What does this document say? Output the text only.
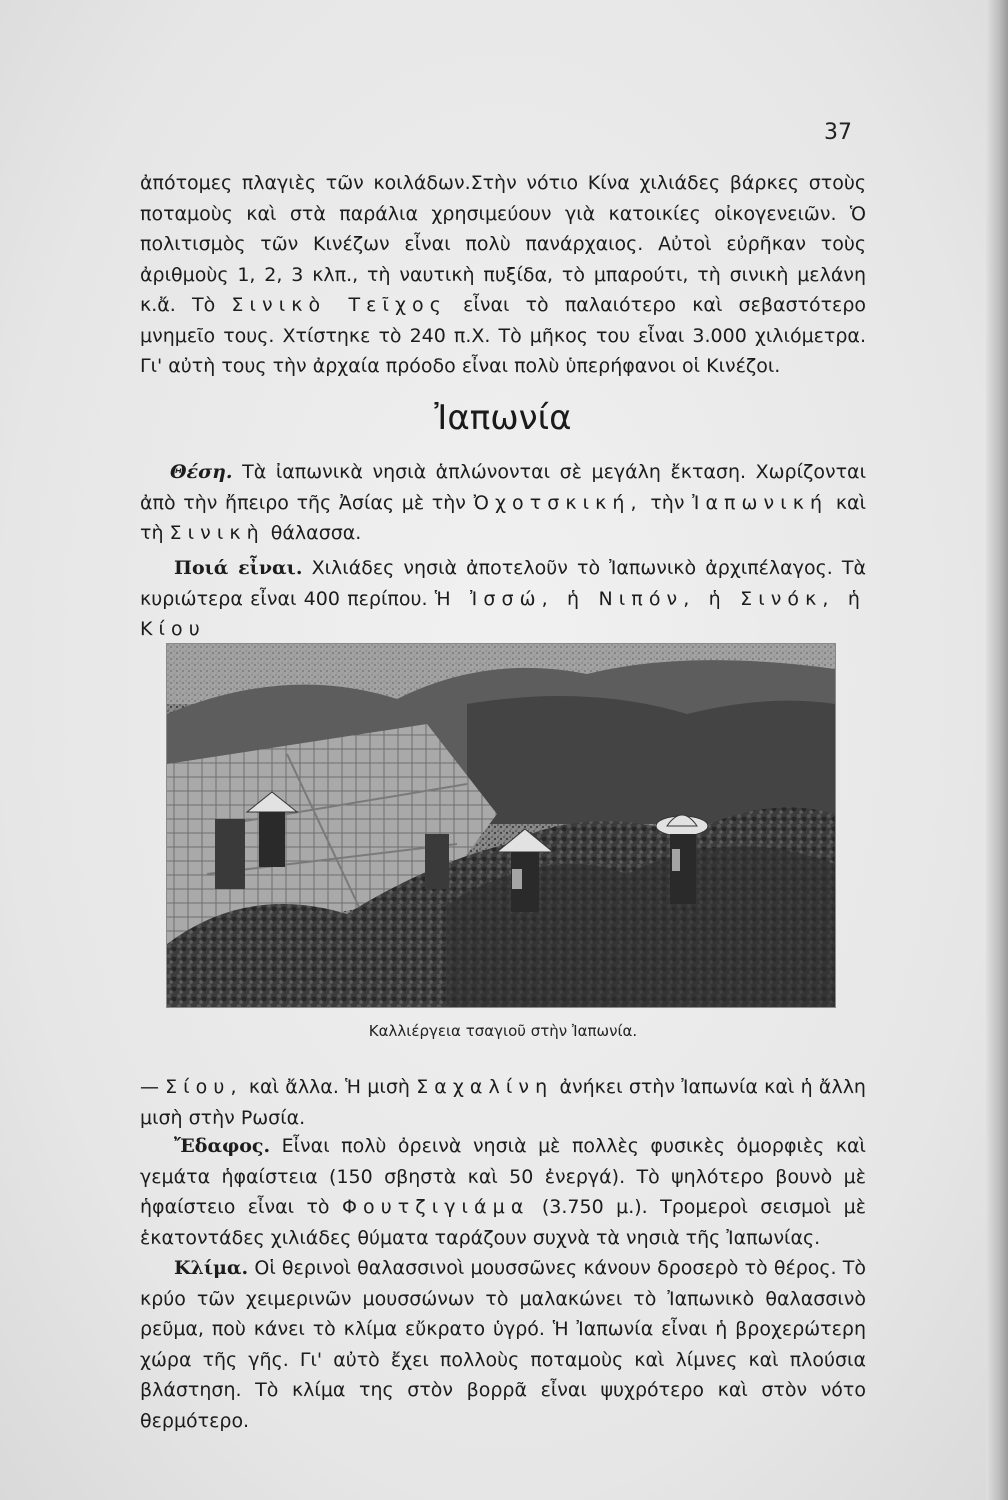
37

ἀπότομες πλαγιὲς τῶν κοιλάδων.Στὴν νότιο Κίνα χιλιάδες βάρκες στοὺς ποταμοὺς καὶ στὰ παράλια χρησιμεύουν γιὰ κατοικίες οἰκογενειῶν. Ὁ πολιτισμὸς τῶν Κινέζων εἶναι πολὺ πανάρχαιος. Αὐτοὶ εὐρῆκαν τοὺς ἀριθμοὺς 1, 2, 3 κλπ., τὴ ναυτικὴ πυξίδα, τὸ μπαρούτι, τὴ σινικὴ μελάνη κ.ἄ. Τὸ Σινικὸ Τεῖχος εἶναι τὸ παλαιότερο καὶ σεβαστότερο μνημεῖο τους. Χτίστηκε τὸ 240 π.Χ. Τὸ μῆκος του εἶναι 3.000 χιλιόμετρα. Γι' αὐτὴ τους τὴν ἀρχαία πρόοδο εἶναι πολὺ ὑπερήφανοι οἱ Κινέζοι.

Ἰαπωνία

Θέση. Τὰ ἰαπωνικὰ νησιὰ ἁπλώνονται σὲ μεγάλη ἔκταση. Χωρίζονται ἀπὸ τὴν ἤπειρο τῆς Ἀσίας μὲ τὴν Ὀχοτσκική, τὴν Ἰαπωνική καὶ τὴ Σινικὴ θάλασσα.

Ποιά εἶναι. Χιλιάδες νησιὰ ἀποτελοῦν τὸ Ἰαπωνικὸ ἀρχιπέλαγος. Τὰ κυριώτερα εἶναι 400 περίπου. Ἡ Ἰσσώ, ἡ Νιπόν, ἡ Σινόκ, ἡ Κίου

Καλλιέργεια τσαγιοῦ στὴν Ἰαπωνία.

—Σίου, καὶ ἄλλα. Ἡ μισὴ Σαχαλίνη ἀνήκει στὴν Ἰαπωνία καὶ ἡ ἄλλη μισὴ στὴν Ρωσία.

Ἔδαφος. Εἶναι πολὺ ὀρεινὰ νησιὰ μὲ πολλὲς φυσικὲς ὀμορφιὲς καὶ γεμάτα ἡφαίστεια (150 σβηστὰ καὶ 50 ἐνεργά). Τὸ ψηλότερο βουνὸ μὲ ἡφαίστειο εἶναι τὸ Φουτζιγιάμα (3.750 μ.). Τρομεροὶ σεισμοὶ μὲ ἑκατοντάδες χιλιάδες θύματα ταράζουν συχνὰ τὰ νησιὰ τῆς Ἰαπωνίας.

Κλίμα. Οἱ θερινοὶ θαλασσινοὶ μουσσῶνες κάνουν δροσερὸ τὸ θέρος. Τὸ κρύο τῶν χειμερινῶν μουσσώνων τὸ μαλακώνει τὸ Ἰαπωνικὸ θαλασσινὸ ρεῦμα, ποὺ κάνει τὸ κλίμα εὔκρατο ὑγρό. Ἡ Ἰαπωνία εἶναι ἡ βροχερώτερη χώρα τῆς γῆς. Γι' αὐτὸ ἔχει πολλοὺς ποταμοὺς καὶ λίμνες καὶ πλούσια βλάστηση. Τὸ κλίμα της στὸν βορρᾶ εἶναι ψυχρότερο καὶ στὸν νότο θερμότερο.
